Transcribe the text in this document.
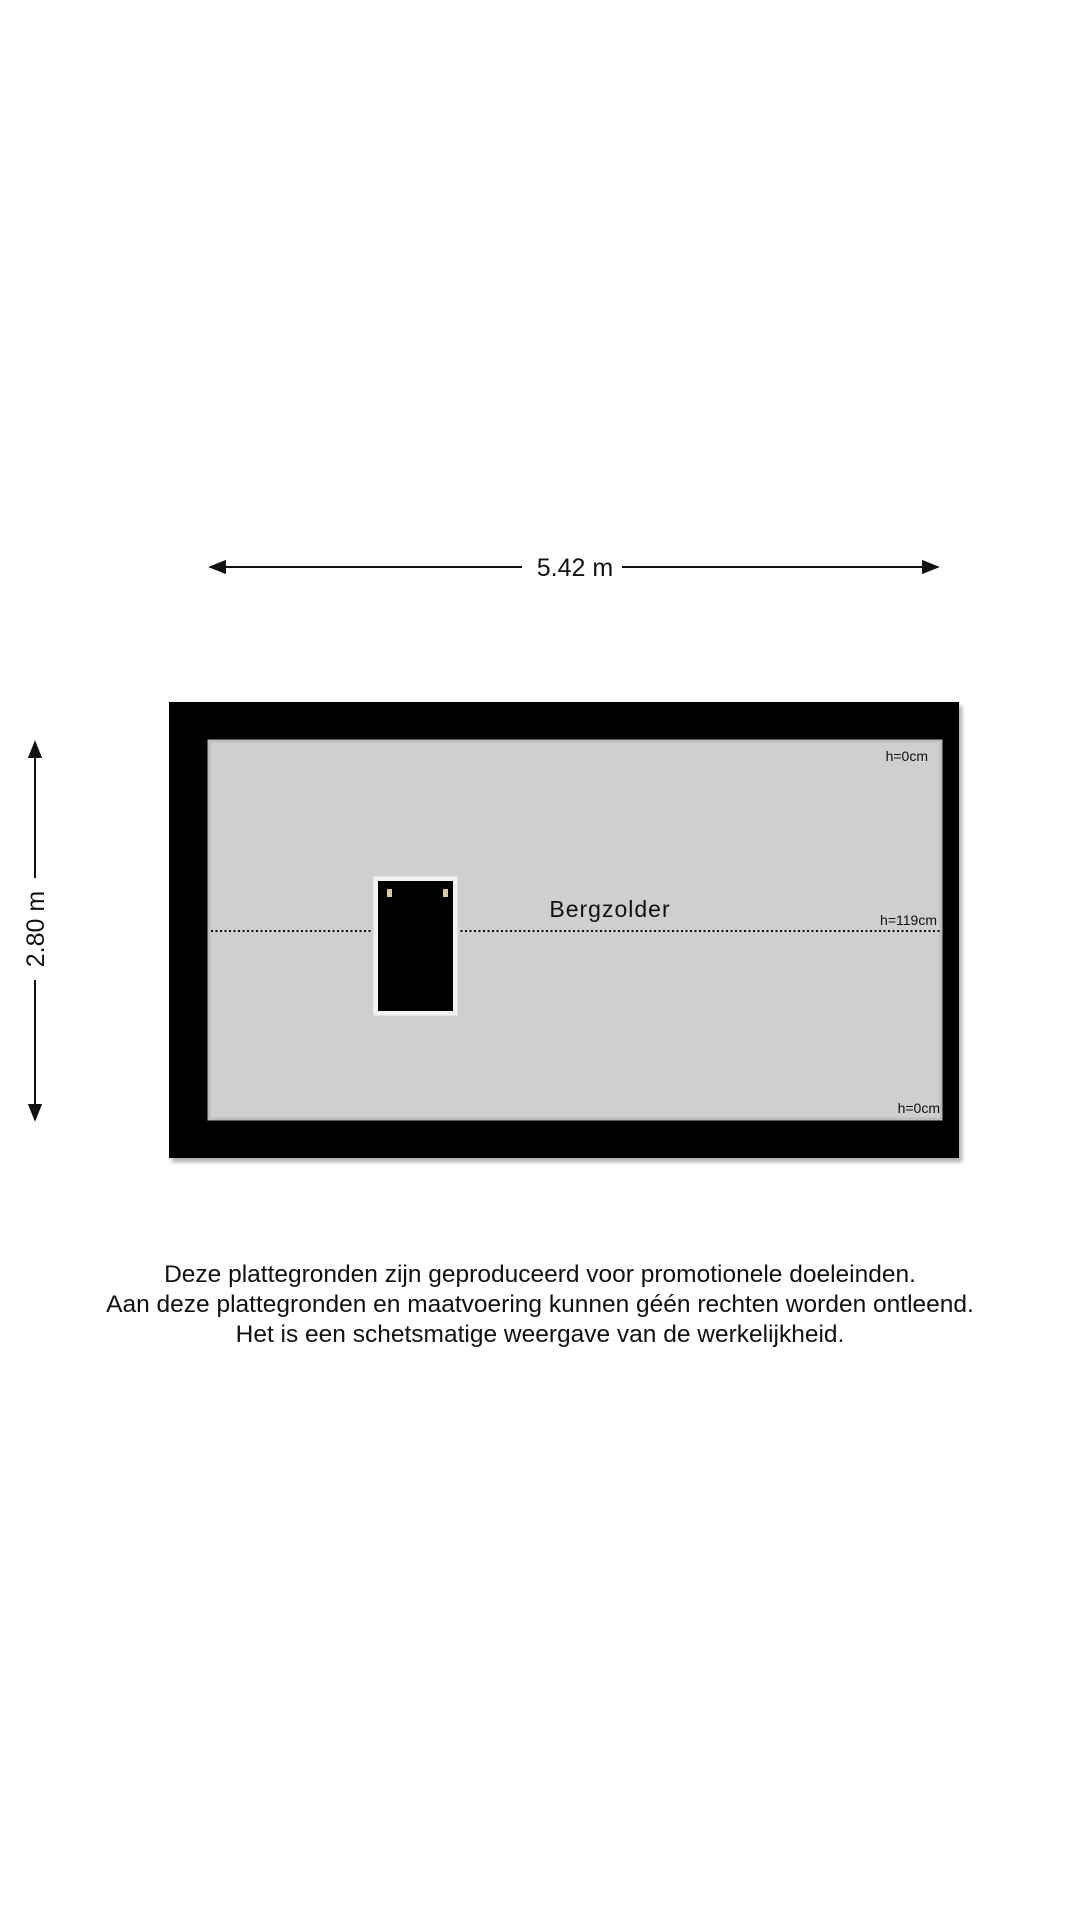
5.42 m
2.80 m	Bergzolder
h=0cm
h=119cm
h=0cm
Deze plattegronden zijn geproduceerd voor promotionele doeleinden.
Aan deze plattegronden en maatvoering kunnen géén rechten worden ontleend.
Het is een schetsmatige weergave van de werkelijkheid.
